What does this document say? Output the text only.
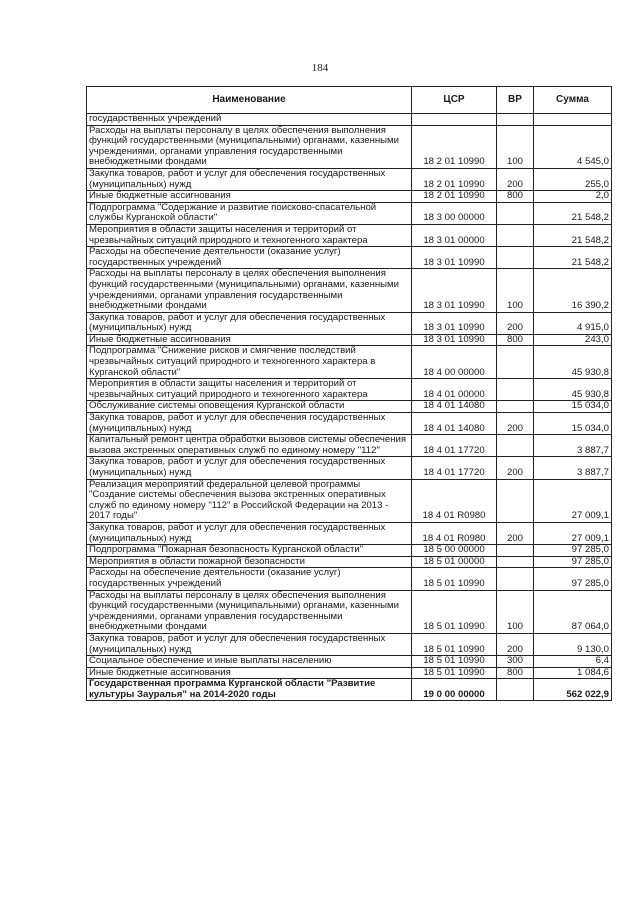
184
Наименование	ЦСР	ВР	Сумма
государственных учреждений			
Расходы на выплаты персоналу в целях обеспечения выполнения функций государственными (муниципальными) органами, казенными учреждениями, органами управления государственными внебюджетными фондами	18 2 01 10990	100	4 545,0
Закупка товаров, работ и услуг для обеспечения государственных (муниципальных) нужд	18 2 01 10990	200	255,0
Иные бюджетные ассигнования	18 2 01 10990	800	2,0
Подпрограмма "Содержание и развитие поисково-спасательной службы Курганской области"	18 3 00 00000		21 548,2
Мероприятия в области защиты населения и территорий от чрезвычайных ситуаций природного и техногенного характера	18 3 01 00000		21 548,2
Расходы на обеспечение деятельности (оказание услуг) государственных учреждений	18 3 01 10990		21 548,2
Расходы на выплаты персоналу в целях обеспечения выполнения функций государственными (муниципальными) органами, казенными учреждениями, органами управления государственными внебюджетными фондами	18 3 01 10990	100	16 390,2
Закупка товаров, работ и услуг для обеспечения государственных (муниципальных) нужд	18 3 01 10990	200	4 915,0
Иные бюджетные ассигнования	18 3 01 10990	800	243,0
Подпрограмма "Снижение рисков и смягчение последствий чрезвычайных ситуаций природного и техногенного характера в Курганской области"	18 4 00 00000		45 930,8
Мероприятия в области защиты населения и территорий от чрезвычайных ситуаций природного и техногенного характера	18 4 01 00000		45 930,8
Обслуживание системы оповещения Курганской области	18 4 01 14080		15 034,0
Закупка товаров, работ и услуг для обеспечения государственных (муниципальных) нужд	18 4 01 14080	200	15 034,0
Капитальный ремонт центра обработки вызовов системы обеспечения вызова экстренных оперативных служб по единому номеру "112"	18 4 01 17720		3 887,7
Закупка товаров, работ и услуг для обеспечения государственных (муниципальных) нужд	18 4 01 17720	200	3 887,7
Реализация мероприятий федеральной целевой программы "Создание системы обеспечения вызова экстренных оперативных служб по единому номеру "112" в Российской Федерации на 2013 - 2017 годы"	18 4 01 R0980		27 009,1
Закупка товаров, работ и услуг для обеспечения государственных (муниципальных) нужд	18 4 01 R0980	200	27 009,1
Подпрограмма "Пожарная безопасность Курганской области"	18 5 00 00000		97 285,0
Мероприятия в области пожарной безопасности	18 5 01 00000		97 285,0
Расходы на обеспечение деятельности (оказание услуг) государственных учреждений	18 5 01 10990		97 285,0
Расходы на выплаты персоналу в целях обеспечения выполнения функций государственными (муниципальными) органами, казенными учреждениями, органами управления государственными внебюджетными фондами	18 5 01 10990	100	87 064,0
Закупка товаров, работ и услуг для обеспечения государственных (муниципальных) нужд	18 5 01 10990	200	9 130,0
Социальное обеспечение и иные выплаты населению	18 5 01 10990	300	6,4
Иные бюджетные ассигнования	18 5 01 10990	800	1 084,6
Государственная программа Курганской области "Развитие культуры Зауралья" на 2014-2020 годы	19 0 00 00000		562 022,9
